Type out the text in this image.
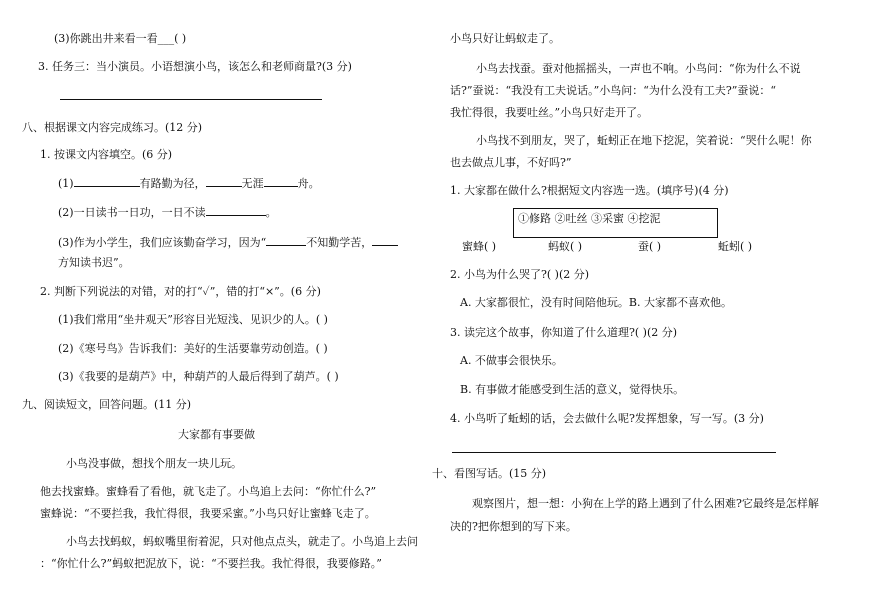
(3)你跳出井来看一看___( )
3. 任务三：当小演员。小语想演小鸟，该怎么和老师商量?(3 分)
八、根据课文内容完成练习。(12 分)
1. 按课文内容填空。(6 分)
(1)	有路勤为径，	无涯	舟。
(2)一日读书一日功，一日不读	。
(3)作为小学生，我们应该勤奋学习，因为“	不知勤学苦，
方知读书迟”。
2. 判断下列说法的对错，对的打“✓”，错的打“×”。(6 分)
(1)我们常用“坐井观天”形容目光短浅、见识少的人。( )
(2)《寒号鸟》告诉我们：美好的生活要靠劳动创造。( )
(3)《我要的是葫芦》中，种葫芦的人最后得到了葫芦。( )
九、阅读短文，回答问题。(11 分)
大家都有事要做
小鸟没事做，想找个朋友一块儿玩。
他去找蜜蜂。蜜蜂看了看他，就飞走了。小鸟追上去问：“你忙什么?”
蜜蜂说：“不要拦我，我忙得很，我要采蜜。”小鸟只好让蜜蜂飞走了。
小鸟去找蚂蚁，蚂蚁嘴里衔着泥，只对他点点头，就走了。小鸟追上去问
：“你忙什么?”蚂蚁把泥放下，说：“不要拦我。我忙得很，我要修路。”
小鸟只好让蚂蚁走了。
小鸟去找蚕。蚕对他摇摇头，一声也不响。小鸟问：“你为什么不说
话?”蚕说：“我没有工夫说话。”小鸟问：“为什么没有工夫?”蚕说：“
我忙得很，我要吐丝。”小鸟只好走开了。
小鸟找不到朋友，哭了，蚯蚓正在地下挖泥，笑着说：“哭什么呢！你
也去做点儿事，不好吗?”
1. 大家都在做什么?根据短文内容选一选。(填序号)(4 分)
①修路 ②吐丝 ③采蜜 ④挖泥
蜜蜂( )	蚂蚁( )	蚕( )	蚯蚓( )
2. 小鸟为什么哭了?( )(2 分)
A. 大家都很忙，没有时间陪他玩。B. 大家都不喜欢他。
3. 读完这个故事，你知道了什么道理?( )(2 分)
A. 不做事会很快乐。
B. 有事做才能感受到生活的意义，觉得快乐。
4. 小鸟听了蚯蚓的话，会去做什么呢?发挥想象，写一写。(3 分)
十、看图写话。(15 分)
观察图片，想一想：小狗在上学的路上遇到了什么困难?它最终是怎样解
决的?把你想到的写下来。
